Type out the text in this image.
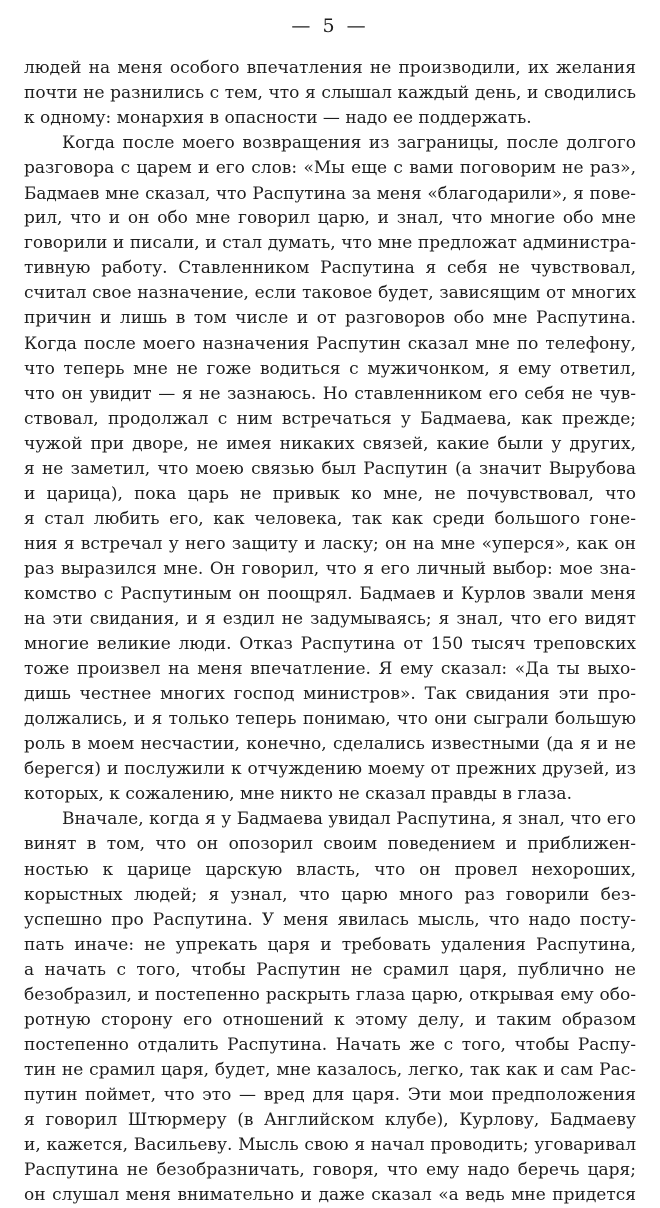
— 5 —
людей на меня особого впечатления не производили, их желания
почти не разнились с тем, что я слышал каждый день, и сводились
к одному: монархия в опасности — надо ее поддержать.
Когда после моего возвращения из заграницы, после долгого
разговора с царем и его слов: «Мы еще с вами поговорим не раз»,
Бадмаев мне сказал, что Распутина за меня «благодарили», я пове-
рил, что и он обо мне говорил царю, и знал, что многие обо мне
говорили и писали, и стал думать, что мне предложат администра-
тивную работу. Ставленником Распутина я себя не чувствовал,
считал свое назначение, если таковое будет, зависящим от многих
причин и лишь в том числе и от разговоров обо мне Распутина.
Когда после моего назначения Распутин сказал мне по телефону,
что теперь мне не гоже водиться с мужичонком, я ему ответил,
что он увидит — я не зазнаюсь. Но ставленником его себя не чув-
ствовал, продолжал с ним встречаться у Бадмаева, как прежде;
чужой при дворе, не имея никаких связей, какие были у других,
я не заметил, что моею связью был Распутин (а значит Вырубова
и царица), пока царь не привык ко мне, не почувствовал, что
я стал любить его, как человека, так как среди большого гоне-
ния я встречал у него защиту и ласку; он на мне «уперся», как он
раз выразился мне. Он говорил, что я его личный выбор: мое зна-
комство с Распутиным он поощрял. Бадмаев и Курлов звали меня
на эти свидания, и я ездил не задумываясь; я знал, что его видят
многие великие люди. Отказ Распутина от 150 тысяч треповских
тоже произвел на меня впечатление. Я ему сказал: «Да ты выхо-
дишь честнее многих господ министров». Так свидания эти про-
должались, и я только теперь понимаю, что они сыграли большую
роль в моем несчастии, конечно, сделались известными (да я и не
берегся) и послужили к отчуждению моему от прежних друзей, из
которых, к сожалению, мне никто не сказал правды в глаза.
Вначале, когда я у Бадмаева увидал Распутина, я знал, что его
винят в том, что он опозорил своим поведением и приближен-
ностью к царице царскую власть, что он провел нехороших,
корыстных людей; я узнал, что царю много раз говорили без-
успешно про Распутина. У меня явилась мысль, что надо посту-
пать иначе: не упрекать царя и требовать удаления Распутина,
а начать с того, чтобы Распутин не срамил царя, публично не
безобразил, и постепенно раскрыть глаза царю, открывая ему обо-
ротную сторону его отношений к этому делу, и таким образом
постепенно отдалить Распутина. Начать же с того, чтобы Распу-
тин не срамил царя, будет, мне казалось, легко, так как и сам Рас-
путин поймет, что это — вред для царя. Эти мои предположения
я говорил Штюрмеру (в Английском клубе), Курлову, Бадмаеву
и, кажется, Васильеву. Мысль свою я начал проводить; уговаривал
Распутина не безобразничать, говоря, что ему надо беречь царя;
он слушал меня внимательно и даже сказал «а ведь мне придется
